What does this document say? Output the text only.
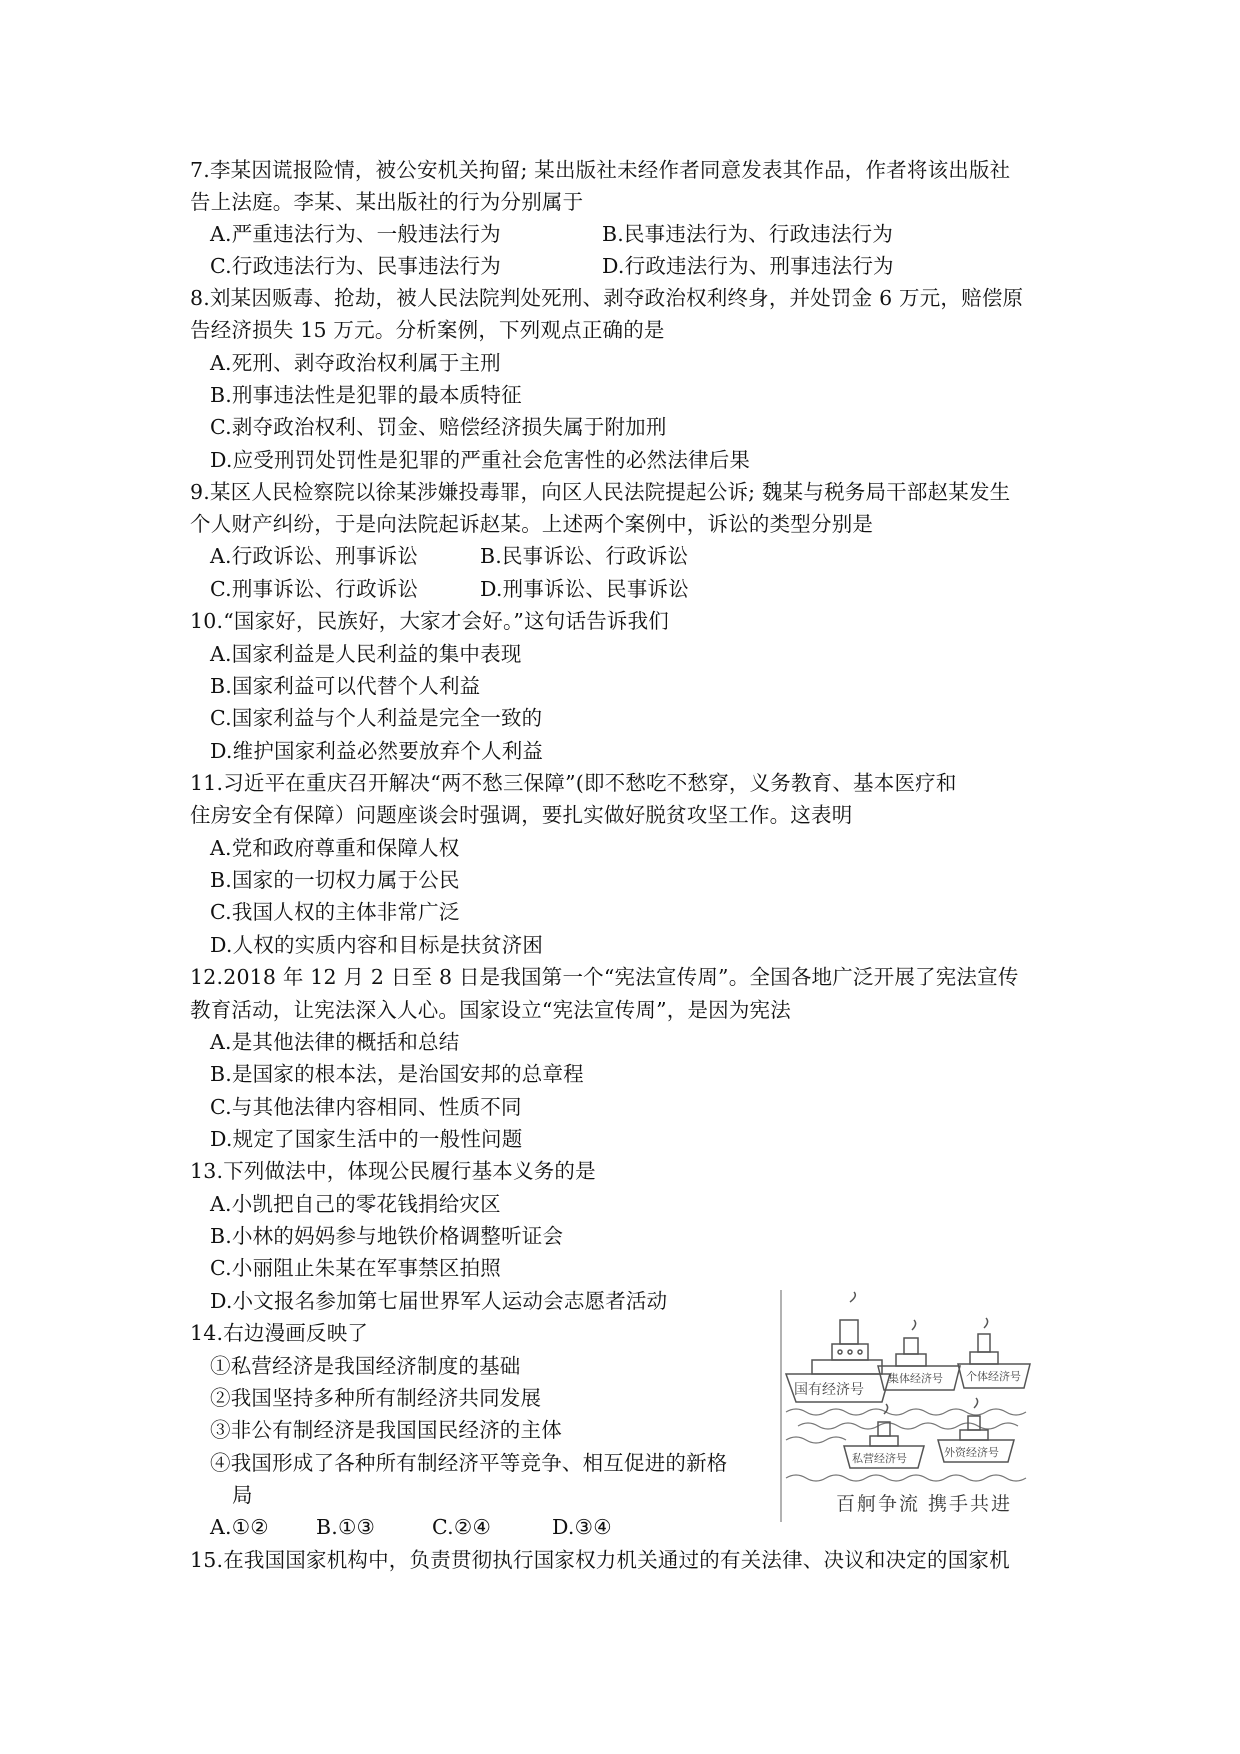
7.李某因谎报险情，被公安机关拘留; 某出版社未经作者同意发表其作品，作者将该出版社
告上法庭。李某、某出版社的行为分别属于
A.严重违法行为、一般违法行为	B.民事违法行为、行政违法行为
C.行政违法行为、民事违法行为	D.行政违法行为、刑事违法行为
8.刘某因贩毒、抢劫，被人民法院判处死刑、剥夺政治权利终身，并处罚金 6 万元，赔偿原
告经济损失 15 万元。分析案例，下列观点正确的是
A.死刑、剥夺政治权利属于主刑
B.刑事违法性是犯罪的最本质特征
C.剥夺政治权利、罚金、赔偿经济损失属于附加刑
D.应受刑罚处罚性是犯罪的严重社会危害性的必然法律后果
9.某区人民检察院以徐某涉嫌投毒罪，向区人民法院提起公诉; 魏某与税务局干部赵某发生
个人财产纠纷，于是向法院起诉赵某。上述两个案例中，诉讼的类型分别是
A.行政诉讼、刑事诉讼	B.民事诉讼、行政诉讼
C.刑事诉讼、行政诉讼	D.刑事诉讼、民事诉讼
10.“国家好，民族好，大家才会好。”这句话告诉我们
A.国家利益是人民利益的集中表现
B.国家利益可以代替个人利益
C.国家利益与个人利益是完全一致的
D.维护国家利益必然要放弃个人利益
11.习近平在重庆召开解决“两不愁三保障”(即不愁吃不愁穿，义务教育、基本医疗和
住房安全有保障）问题座谈会时强调，要扎实做好脱贫攻坚工作。这表明
A.党和政府尊重和保障人权
B.国家的一切权力属于公民
C.我国人权的主体非常广泛
D.人权的实质内容和目标是扶贫济困
12.2018 年 12 月 2 日至 8 日是我国第一个“宪法宣传周”。全国各地广泛开展了宪法宣传
教育活动，让宪法深入人心。国家设立“宪法宣传周”，是因为宪法
A.是其他法律的概括和总结
B.是国家的根本法，是治国安邦的总章程
C.与其他法律内容相同、性质不同
D.规定了国家生活中的一般性问题
13.下列做法中，体现公民履行基本义务的是
A.小凯把自己的零花钱捐给灾区
B.小林的妈妈参与地铁价格调整听证会
C.小丽阻止朱某在军事禁区拍照
D.小文报名参加第七届世界军人运动会志愿者活动
14.右边漫画反映了
①私营经济是我国经济制度的基础
②我国坚持多种所有制经济共同发展
③非公有制经济是我国国民经济的主体
④我国形成了各种所有制经济平等竞争、相互促进的新格
局
A.①② B.①③	C.②④	D.③④
国有经济号
集体经济号 个体经济号
私营经济号	外资经济号
百舸争流 携手共进
15.在我国国家机构中，负责贯彻执行国家权力机关通过的有关法律、决议和决定的国家机
